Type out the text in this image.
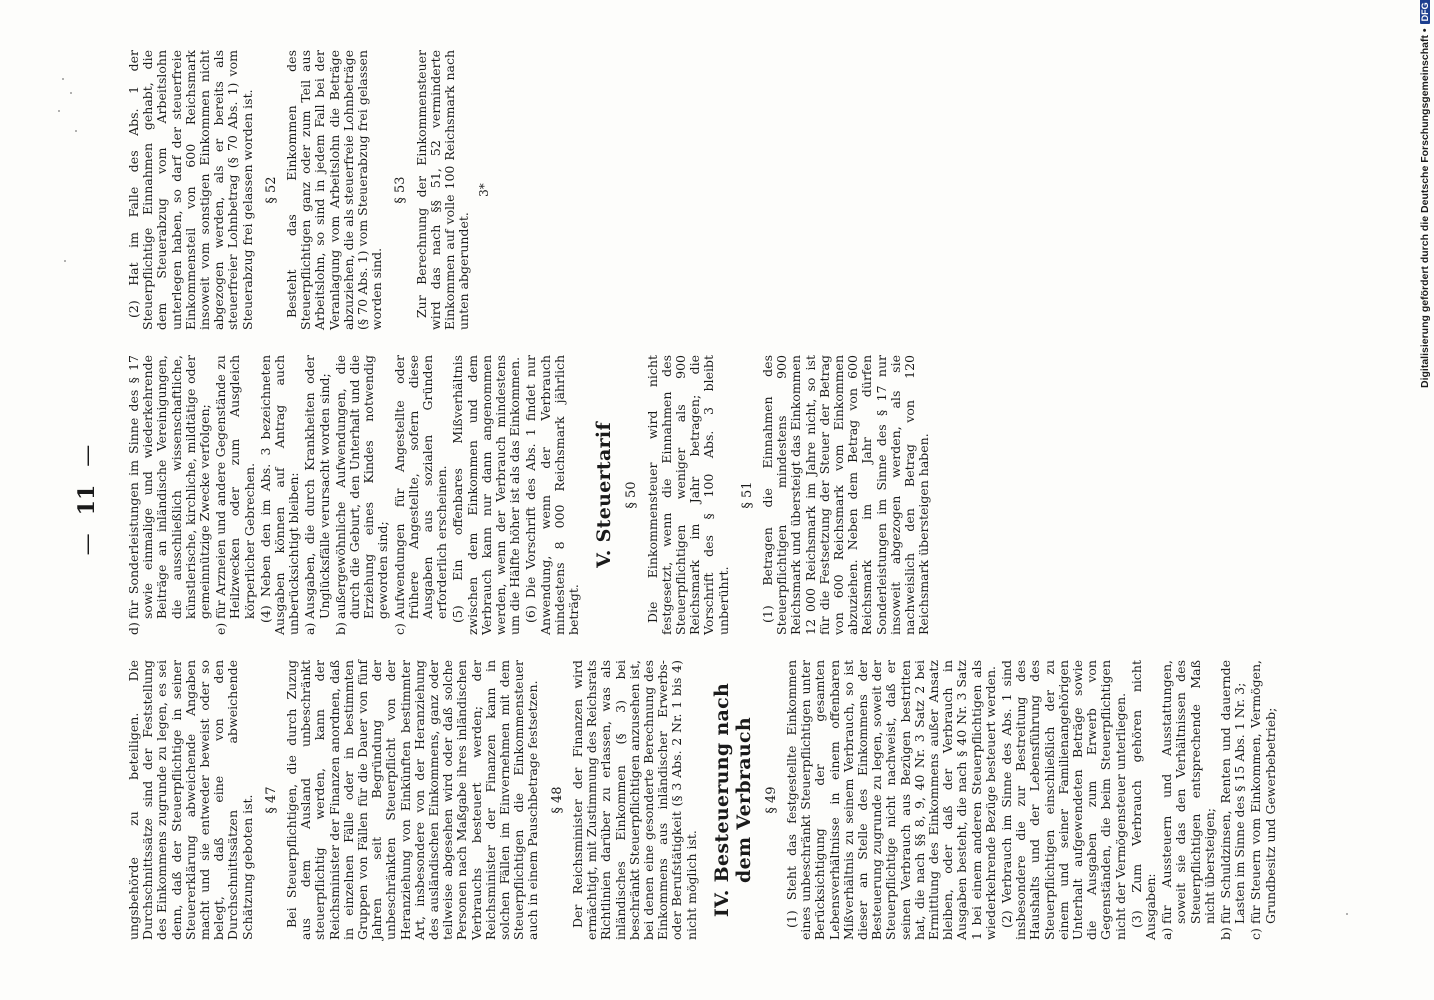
—
11
—

ungsbehörde zu beteiligen. Die Durchschnittssätze sind der Feststellung des Einkommens zugrunde zu legen, es sei denn, daß der Steuerpflichtige in seiner Steuererklärung abweichende Angaben macht und sie entweder beweist oder so belegt, daß eine von den Durchschnittssätzen abweichende Schätzung geboten ist. § 47 Bei Steuerpflichtigen, die durch Zuzug aus dem Ausland unbeschränkt steuerpflichtig werden, kann der Reichsminister der Finanzen anordnen, daß in einzelnen Fälle oder in bestimmten Gruppen von Fällen für die Dauer von fünf Jahren seit Begründung der unbeschränkten Steuerpflicht von der Heranziehung von Einkünften bestimmter Art, insbesondere von der Heranziehung des ausländischen Einkommens, ganz oder teilweise abgesehen wird oder daß solche Personen nach Maßgabe ihres inländischen Verbrauchs besteuert werden; der Reichsminister der Finanzen kann in solchen Fällen im Einvernehmen mit dem Steuerpflichtigen die Einkommensteuer auch in einem Pauschbetrage festsetzen. § 48 Der Reichsminister der Finanzen wird ermächtigt, mit Zustimmung des Reichsrats Richtlinien darüber zu erlassen, was als inländisches Einkommen (§ 3) bei beschränkt Steuerpflichtigen anzusehen ist, bei denen eine gesonderte Berechnung des Einkommens aus inländischer Erwerbs- oder Berufstätigkeit (§ 3 Abs. 2 Nr. 1 bis 4) nicht möglich ist. IV. Besteuerung nach dem Verbrauch § 49 (1) Steht das festgestellte Einkommen eines unbeschränkt Steuerpflichtigen unter Berücksichtigung der gesamten Lebensverhältnisse in einem offenbaren Mißverhältnis zu seinem Verbrauch, so ist dieser an Stelle des Einkommens der Besteuerung zugrunde zu legen, soweit der Steuerpflichtige nicht nachweist, daß er seinen Verbrauch aus Bezügen bestritten hat, die nach §§ 8, 9, 40 Nr. 3 Satz 2 bei Ermittlung des Einkommens außer Ansatz bleiben, oder daß der Verbrauch in Ausgaben besteht, die nach § 40 Nr. 3 Satz 1 bei einem anderen Steuerpflichtigen als wiederkehrende Bezüge besteuert werden. (2) Verbrauch im Sinne des Abs. 1 sind insbesondere die zur Bestreitung des Haushalts und der Lebensführung des Steuerpflichtigen einschließlich der zu einem und seiner Familienangehörigen Unterhalt aufgewendeten Beträge sowie die Ausgaben zum Erwerb von Gegenständen, die beim Steuerpflichtigen nicht der Vermögensteuer unterliegen. (3) Zum Verbrauch gehören nicht Ausgaben: a)
für Aussteuern und Ausstattungen, soweit sie das den Verhältnissen des Steuerpflichtigen entsprechende Maß nicht übersteigen;

b)
für Schuldzinsen, Renten und dauernde Lasten im Sinne des § 15 Abs. 1 Nr. 3;

c)
für Steuern vom Einkommen, Vermögen, Grundbesitz und Gewerbebetrieb;

d)
für Sonderleistungen im Sinne des § 17 sowie einmalige und wiederkehrende Beiträge an inländische Vereinigungen, die ausschließlich wissenschaftliche, künstlerische, kirchliche, mildtätige oder gemeinnützige Zwecke verfolgen;

e)
für Arzneien und andere Gegenstände zu Heilzwecken oder zum Ausgleich körperlicher Gebrechen. (4) Neben den im Abs. 3 bezeichneten Ausgaben können auf Antrag auch unberücksichtigt bleiben: a)
Ausgaben, die durch Krankheiten oder Unglücksfälle verursacht worden sind;

b)
außergewöhnliche Aufwendungen, die durch die Geburt, den Unterhalt und die Erziehung eines Kindes notwendig geworden sind;

c)
Aufwendungen für Angestellte oder frühere Angestellte, sofern diese Ausgaben aus sozialen Gründen erforderlich erscheinen. (5) Ein offenbares Mißverhältnis zwischen dem Einkommen und dem Verbrauch kann nur dann angenommen werden, wenn der Verbrauch mindestens um die Hälfte höher ist als das Einkommen. (6) Die Vorschrift des Abs. 1 findet nur Anwendung, wenn der Verbrauch mindestens 8 000 Reichsmark jährlich beträgt.

V. Steuertarif § 50 Die Einkommensteuer wird nicht festgesetzt, wenn die Einnahmen des Steuerpflichtigen weniger als 900 Reichsmark im Jahr betragen; die Vorschrift des § 100 Abs. 3 bleibt unberührt.

§ 51 (1) Betragen die Einnahmen des Steuerpflichtigen mindestens 900 Reichsmark und übersteigt das Einkommen 12 000 Reichsmark im Jahre nicht, so ist für die Festsetzung der Steuer der Betrag von 600 Reichsmark vom Einkommen abzuziehen. Neben dem Betrag von 600 Reichsmark im Jahr dürfen Sonderleistungen im Sinne des § 17 nur insoweit abgezogen werden, als sie nachweislich den Betrag von 120 Reichsmark übersteigen haben.

(2) Hat im Falle des Abs. 1 der Steuerpflichtige Einnahmen gehabt, die dem Steuerabzug vom Arbeitslohn unterlegen haben, so darf der steuerfreie Einkommensteil von 600 Reichsmark insoweit vom sonstigen Einkommen nicht abgezogen werden, als er bereits als steuerfreier Lohnbetrag (§ 70 Abs. 1) vom Steuerabzug frei gelassen worden ist. § 52 Besteht das Einkommen des Steuerpflichtigen ganz oder zum Teil aus Arbeitslohn, so sind in jedem Fall bei der Veranlagung vom Arbeitslohn die Beträge abzuziehen, die als steuerfreie Lohnbeträge (§ 70 Abs. 1) vom Steuerabzug frei gelassen worden sind.

§ 53 Zur Berechnung der Einkommensteuer wird das nach §§ 51, 52 verminderte Einkommen auf volle 100 Reichsmark nach unten abgerundet.

3*	Digitalisierung gefördert durch die Deutsche Forschungsgemeinschaft •
DFG
